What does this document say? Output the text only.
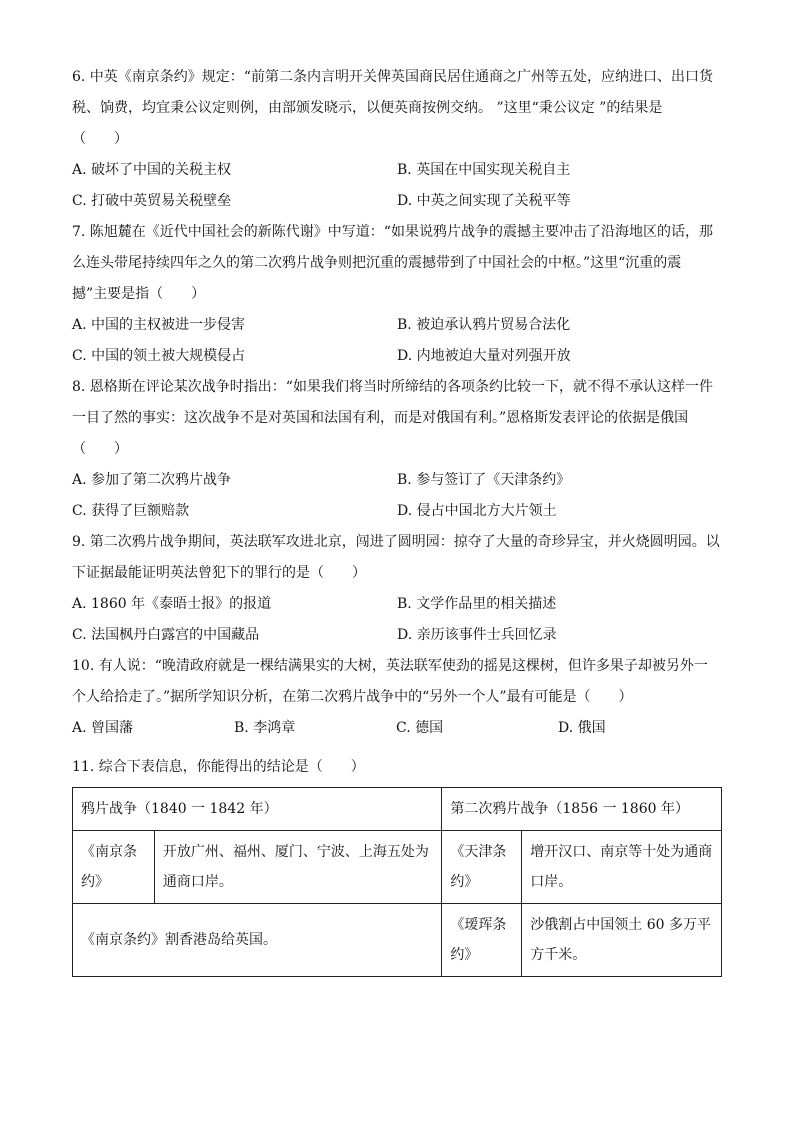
6. 中英《南京条约》规定：“前第二条内言明开关俾英国商民居住通商之广州等五处，应纳进口、出口货
税、饷费，均宜秉公议定则例，由部颁发晓示，以便英商按例交纳。 ”这里“秉公议定 ”的结果是
（　　）
A. 破坏了中国的关税主权	B. 英国在中国实现关税自主
C. 打破中英贸易关税壁垒	D. 中英之间实现了关税平等
7. 陈旭麓在《近代中国社会的新陈代谢》中写道：“如果说鸦片战争的震撼主要冲击了沿海地区的话，那
么连头带尾持续四年之久的第二次鸦片战争则把沉重的震撼带到了中国社会的中枢。”这里“沉重的震
撼”主要是指（　　）
A. 中国的主权被进一步侵害	B. 被迫承认鸦片贸易合法化
C. 中国的领土被大规模侵占	D. 内地被迫大量对列强开放
8. 恩格斯在评论某次战争时指出：“如果我们将当时所缔结的各项条约比较一下，就不得不承认这样一件
一目了然的事实：这次战争不是对英国和法国有利，而是对俄国有利。”恩格斯发表评论的依据是俄国
（　　）
A. 参加了第二次鸦片战争	B. 参与签订了《天津条约》
C. 获得了巨额赔款	D. 侵占中国北方大片领土
9. 第二次鸦片战争期间，英法联军攻进北京，闯进了圆明园：掠夺了大量的奇珍异宝，并火烧圆明园。以
下证据最能证明英法曾犯下的罪行的是（　　）
A. 1860 年《泰晤士报》的报道	B. 文学作品里的相关描述
C. 法国枫丹白露宫的中国藏品	D. 亲历该事件士兵回忆录
10. 有人说：“晚清政府就是一棵结满果实的大树，英法联军使劲的摇晃这棵树，但许多果子却被另外一
个人给拾走了。”据所学知识分析，在第二次鸦片战争中的“另外一个人”最有可能是（　　）
A. 曾国藩	B. 李鸿章	C. 德国	D. 俄国
11. 综合下表信息，你能得出的结论是（　　）
鸦片战争（1840 一 1842 年）		第二次鸦片战争（1856 一 1860 年）	
《南京条约》	开放广州、福州、厦门、宁波、上海五处为通商口岸。	《天津条约》	增开汉口、南京等十处为通商口岸。
《南京条约》割香港岛给英国。		《瑷珲条约》	沙俄割占中国领土 60 多万平方千米。
